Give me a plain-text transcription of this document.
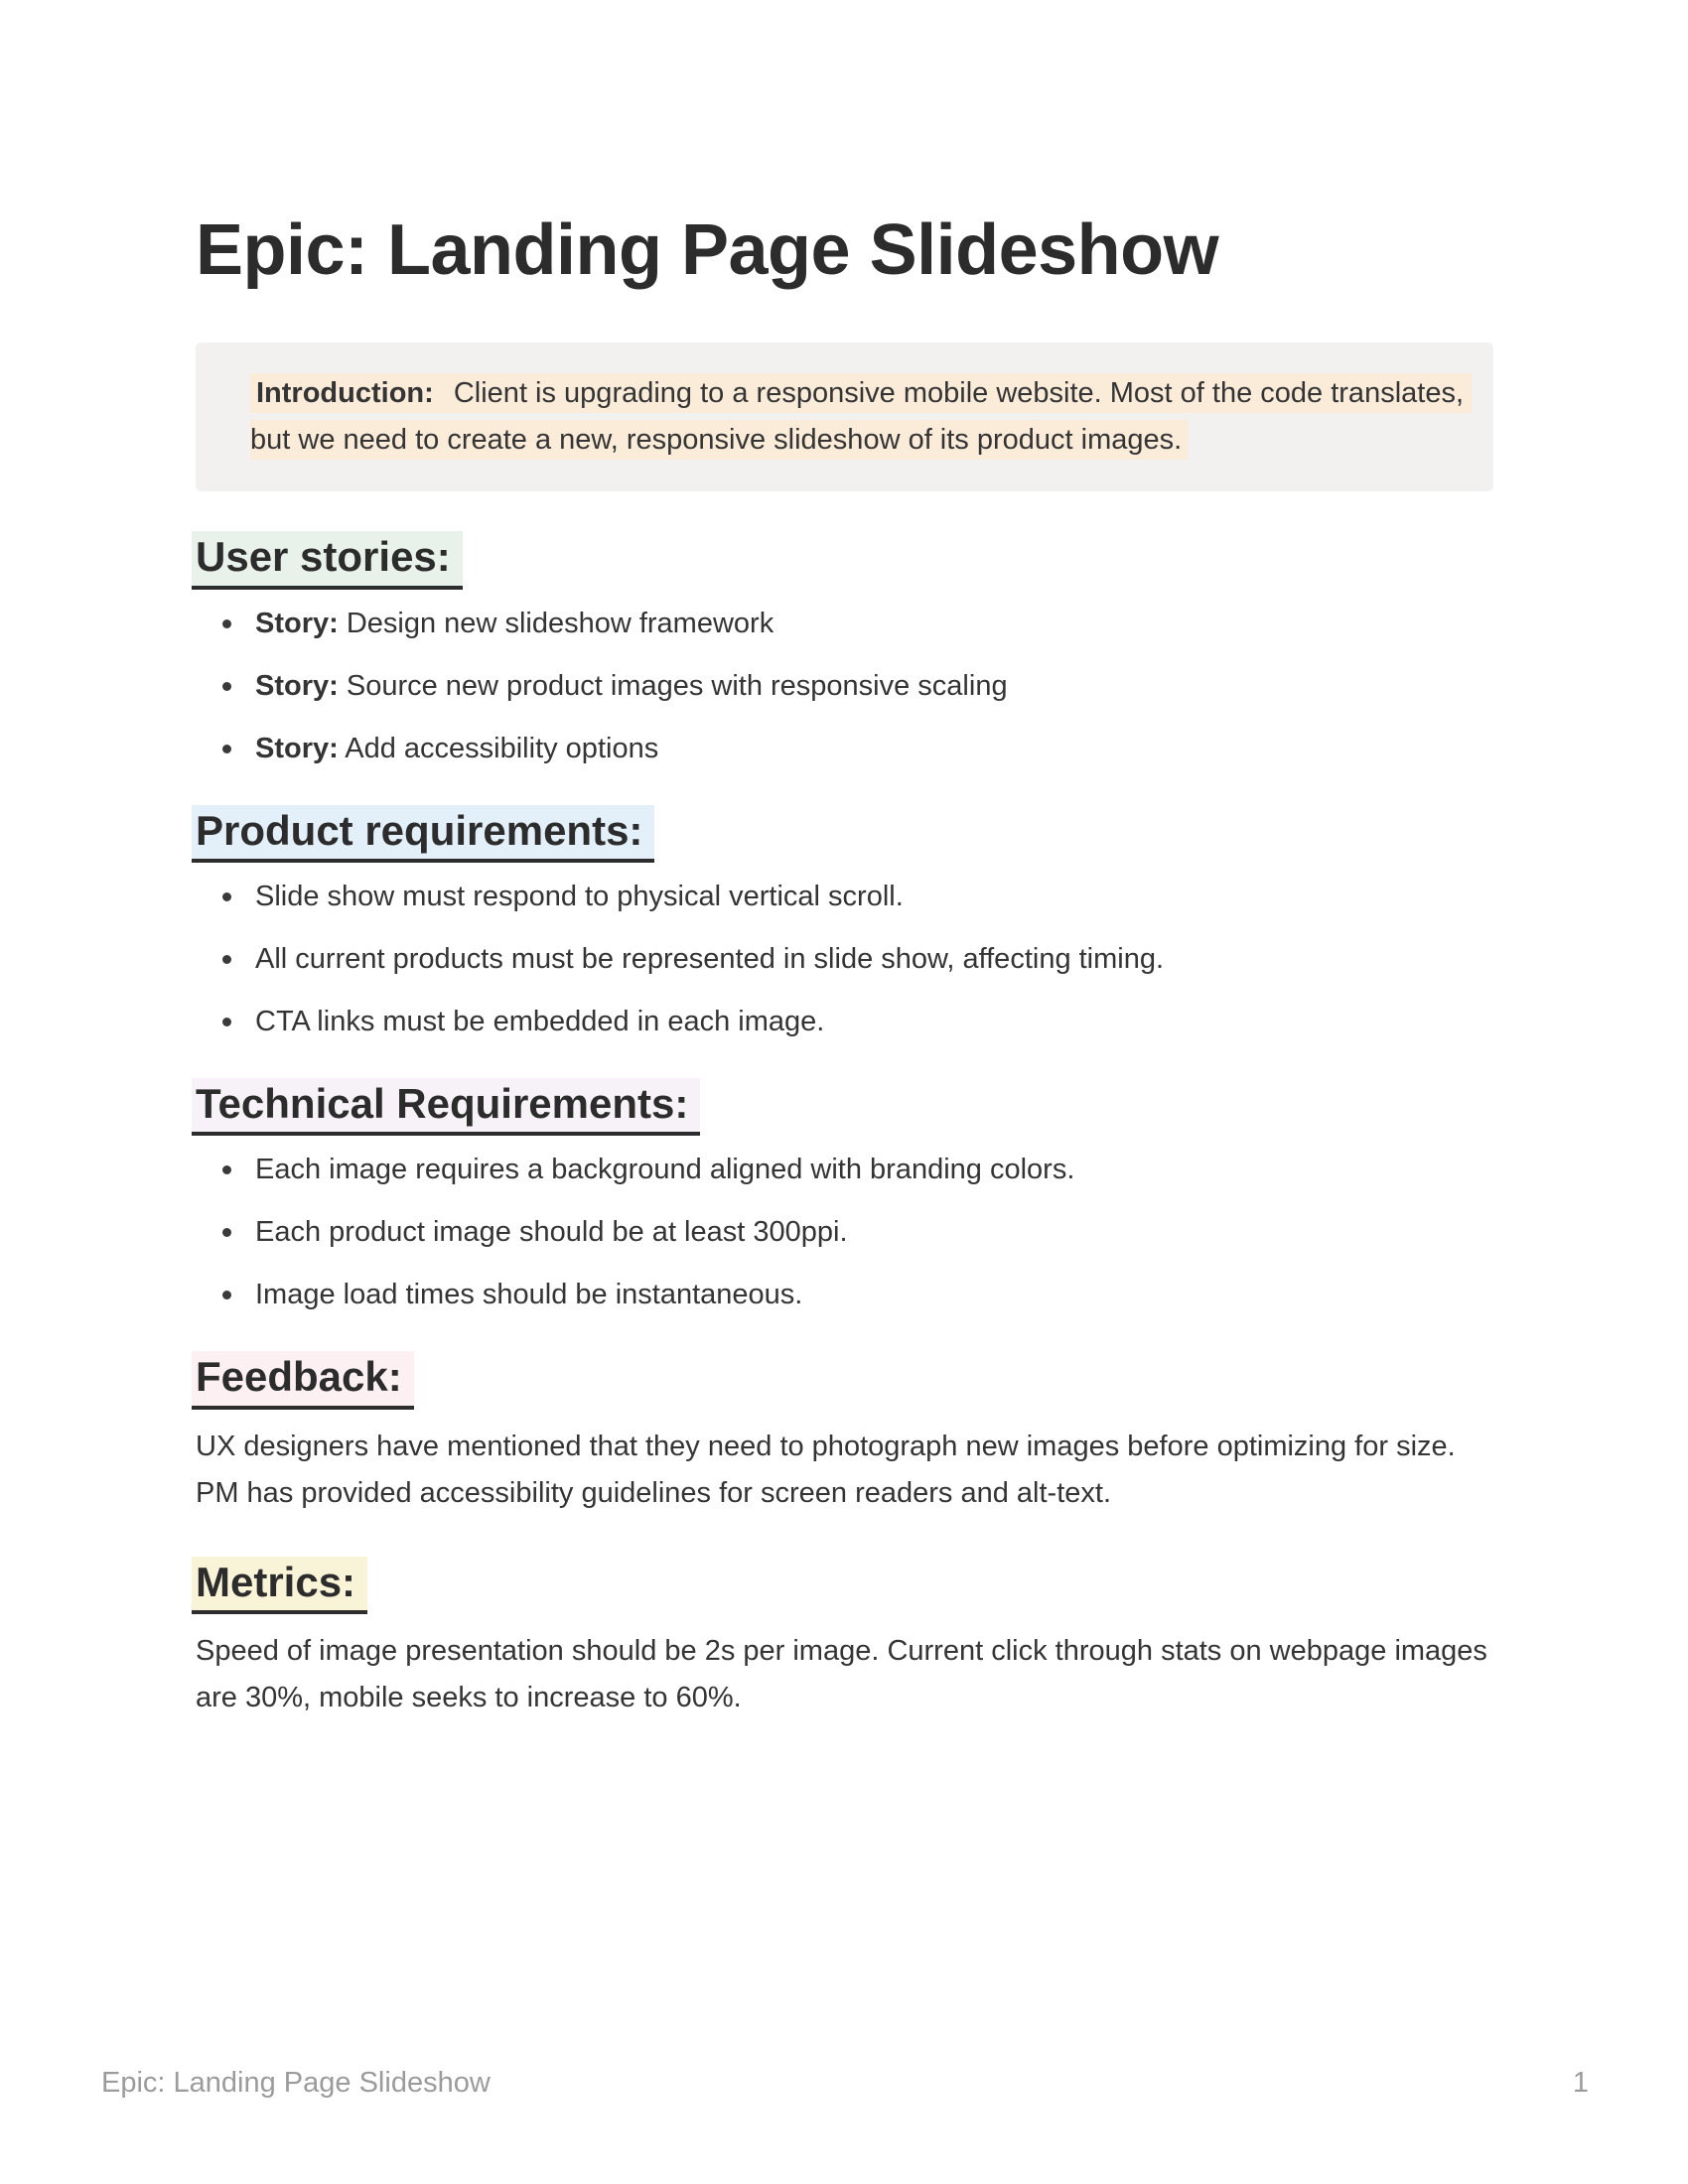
Epic: Landing Page Slideshow

Introduction: Client is upgrading to a responsive mobile website. Most of the code translates, but we need to create a new, responsive slideshow of its product images.

User stories:
Story: Design new slideshow framework
Story: Source new product images with responsive scaling
Story: Add accessibility options
Product requirements:
Slide show must respond to physical vertical scroll.
All current products must be represented in slide show, affecting timing.
CTA links must be embedded in each image.
Technical Requirements:
Each image requires a background aligned with branding colors.
Each product image should be at least 300ppi.
Image load times should be instantaneous.
Feedback:

UX designers have mentioned that they need to photograph new images before optimizing for size.  PM has provided accessibility guidelines for screen readers and alt-text.

Metrics:

Speed of image presentation should be 2s per image. Current click through stats on webpage images are 30%, mobile seeks to increase to 60%.

Epic: Landing Page Slideshow	1
